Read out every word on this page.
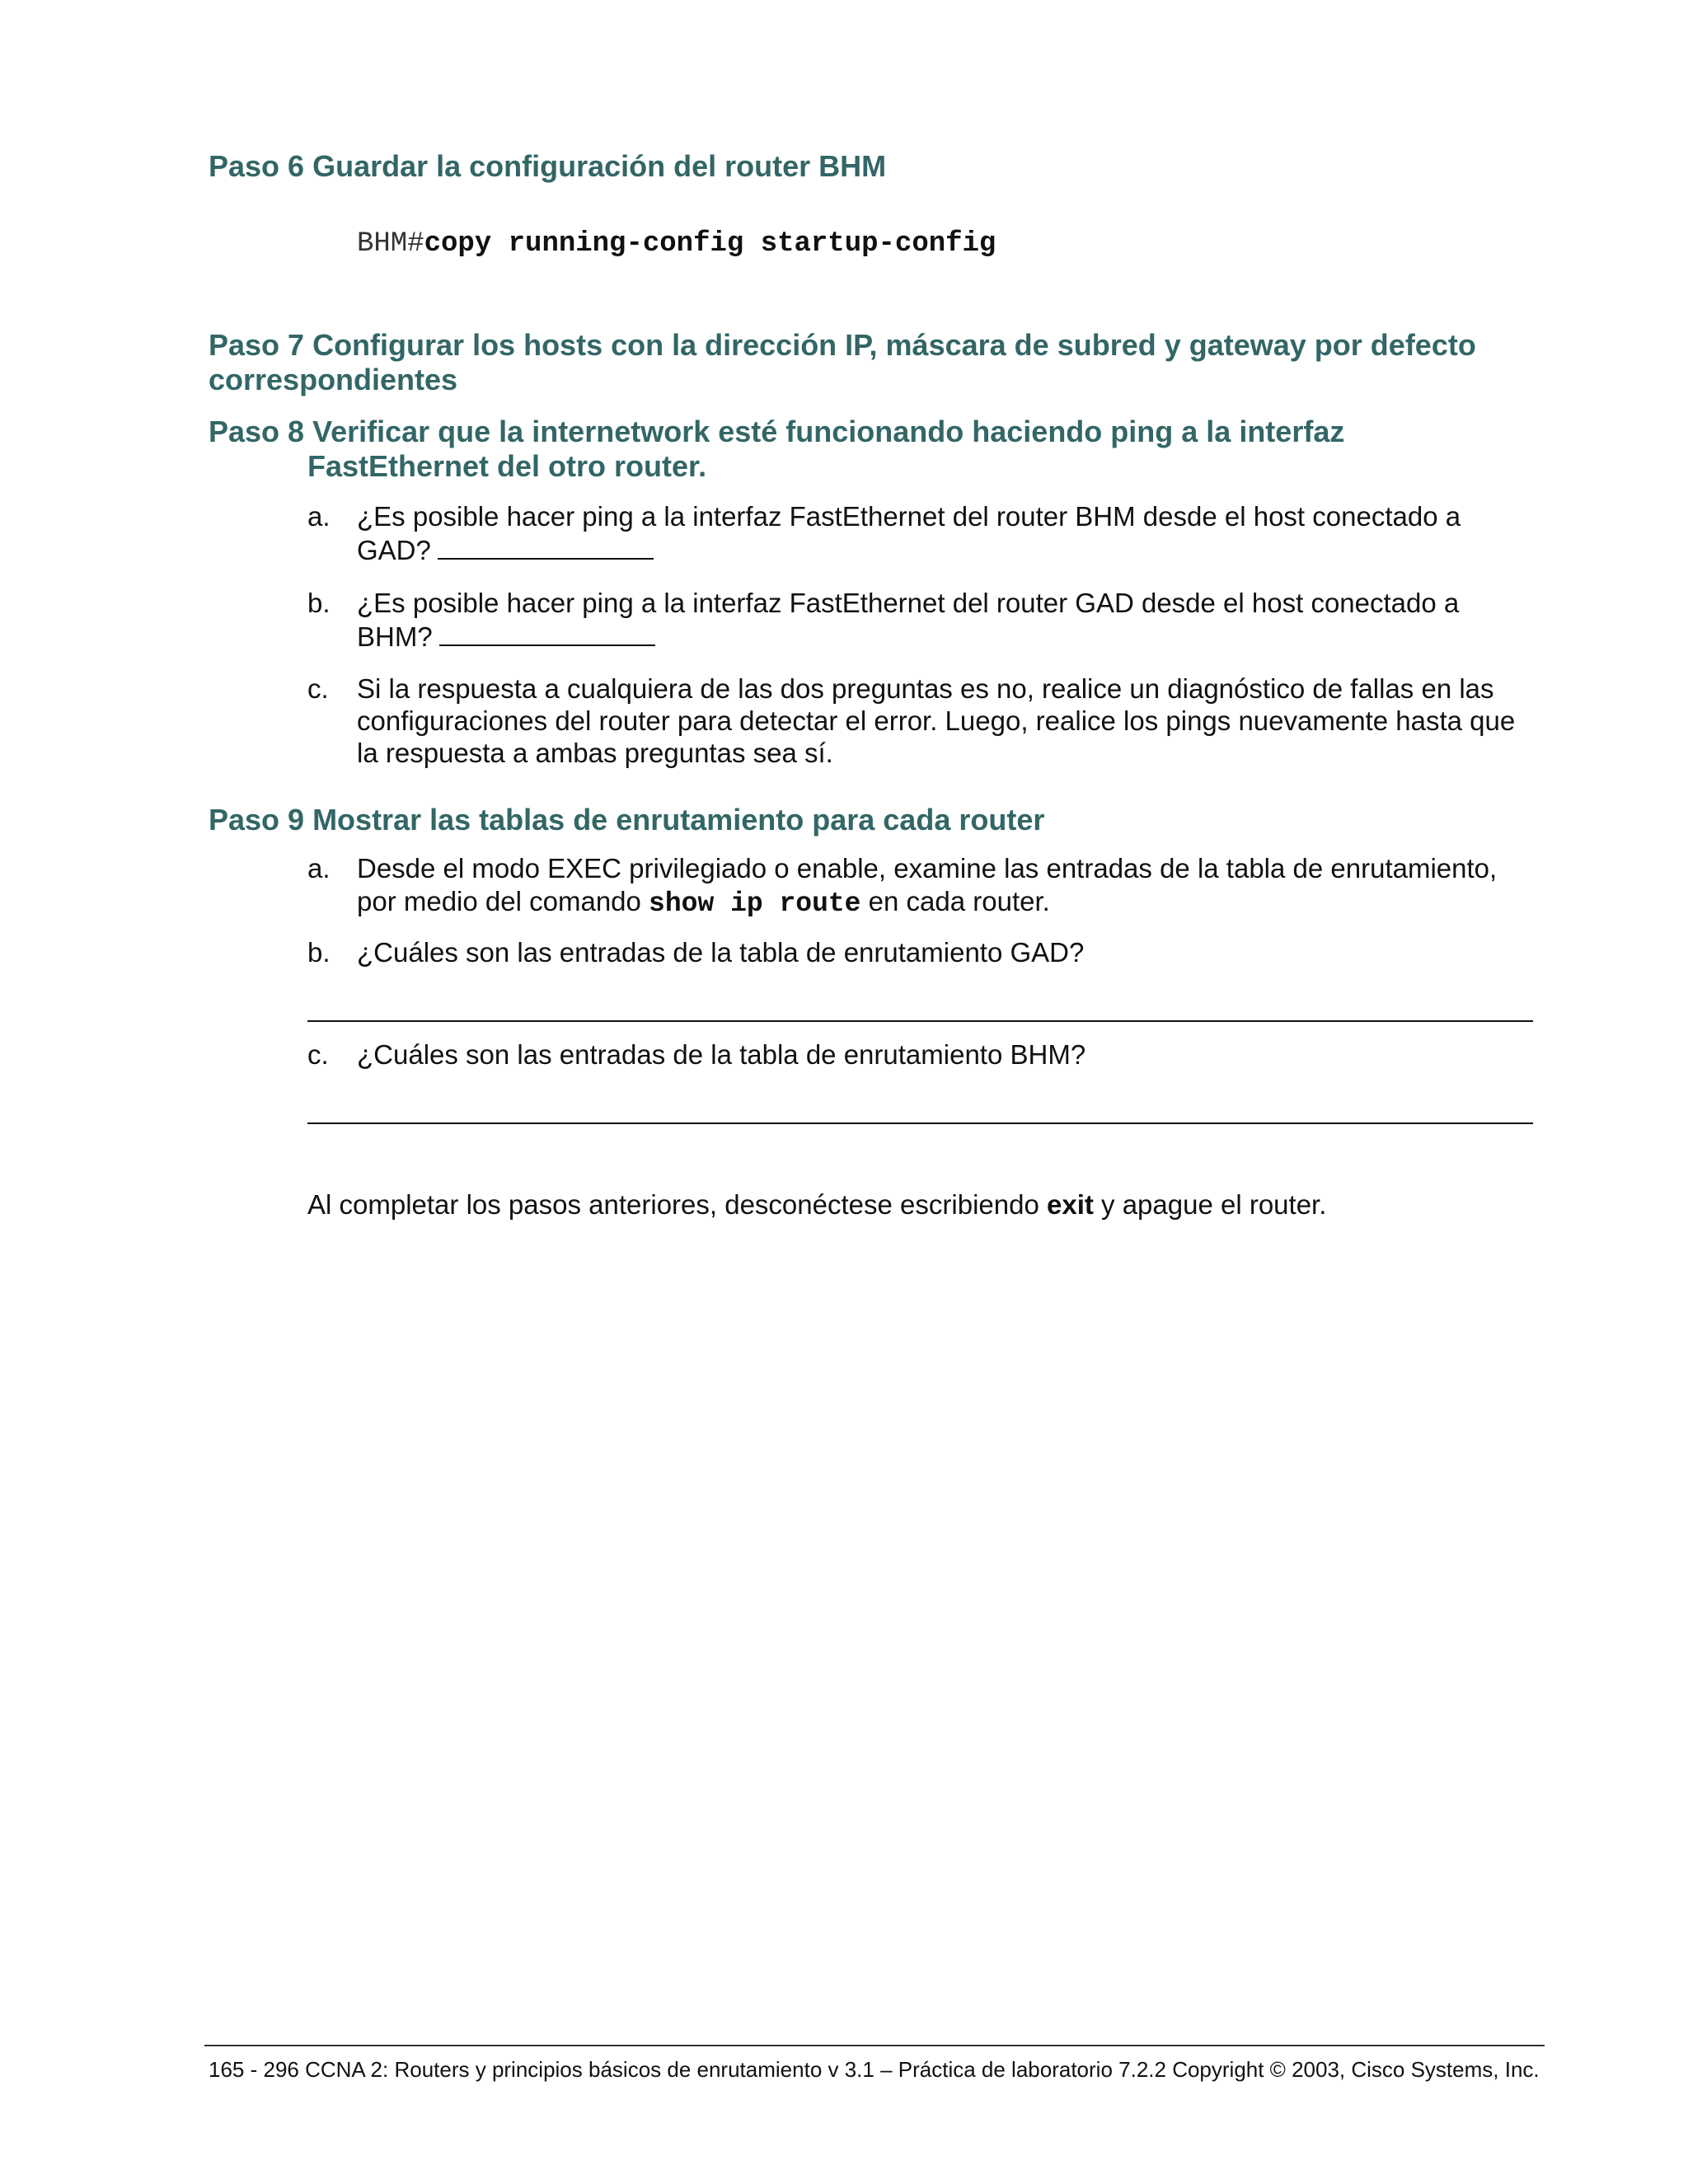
Paso 6 Guardar la configuración del router BHM
BHM#copy running-config startup-config
Paso 7 Configurar los hosts con la dirección IP, máscara de subred y gateway por defecto
correspondientes
Paso 8 Verificar que la internetwork esté funcionando haciendo ping a la interfaz
FastEthernet del otro router.
a. ¿Es posible hacer ping a la interfaz FastEthernet del router BHM desde el host conectado a
GAD?
b. ¿Es posible hacer ping a la interfaz FastEthernet del router GAD desde el host conectado a
BHM?
c.	Si la respuesta a cualquiera de las dos preguntas es no, realice un diagnóstico de fallas en las configuraciones del router para detectar el error. Luego, realice los pings nuevamente hasta que la respuesta a ambas preguntas sea sí.
Paso 9 Mostrar las tablas de enrutamiento para cada router
a. Desde el modo EXEC privilegiado o enable, examine las entradas de la tabla de enrutamiento, por medio del comando show ip route en cada router.
b. ¿Cuáles son las entradas de la tabla de enrutamiento GAD?
c.	¿Cuáles son las entradas de la tabla de enrutamiento BHM?
Al completar los pasos anteriores, desconéctese escribiendo exit y apague el router.
165 - 296 CCNA 2: Routers y principios básicos de enrutamiento v 3.1 – Práctica de laboratorio 7.2.2 Copyright © 2003, Cisco Systems, Inc.
